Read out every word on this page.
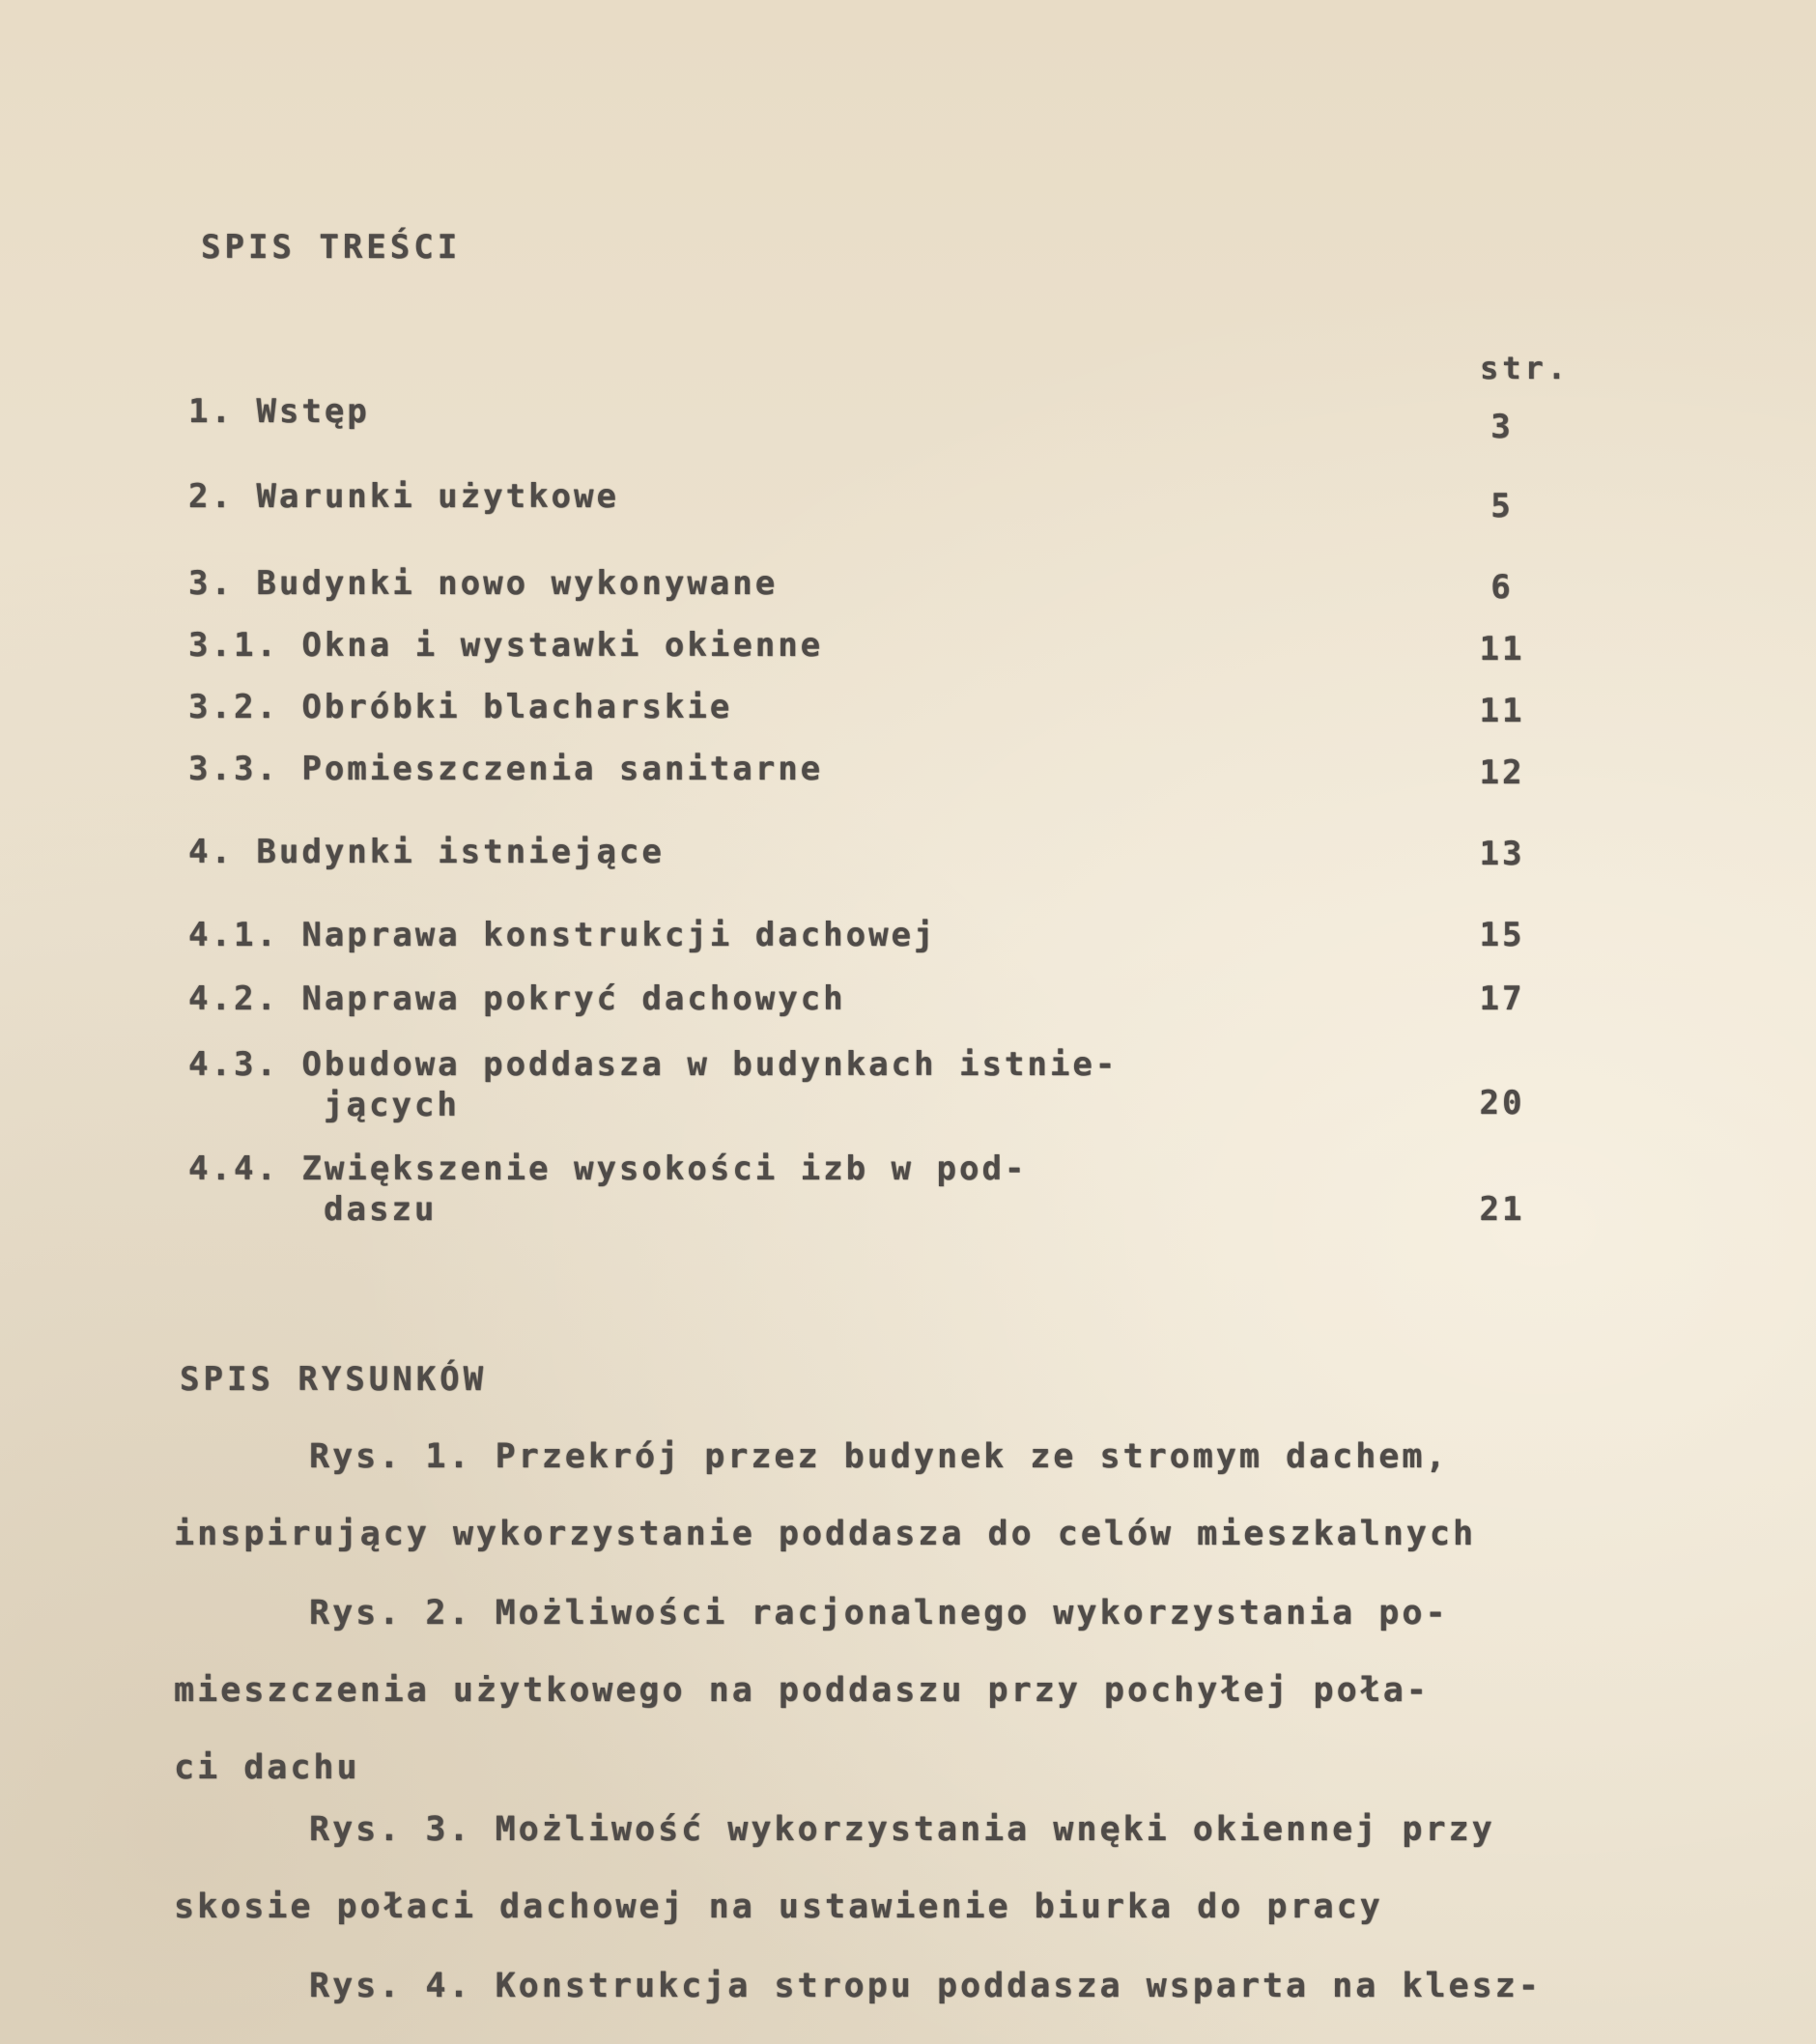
SPIS TREŚCI
str.
1. Wstęp	3
2. Warunki użytkowe	5
3. Budynki nowo wykonywane	6
3.1. Okna i wystawki okienne	11
3.2. Obróbki blacharskie	11
3.3. Pomieszczenia sanitarne	12
4. Budynki istniejące	13
4.1. Naprawa konstrukcji dachowej	15
4.2. Naprawa pokryć dachowych	17
4.3. Obudowa poddasza w budynkach istnie-
jących	20
4.4. Zwiększenie wysokości izb w pod-
daszu	21
SPIS RYSUNKÓW
Rys. 1. Przekrój przez budynek ze stromym dachem,
inspirujący wykorzystanie poddasza do celów mieszkalnych
Rys. 2. Możliwości racjonalnego wykorzystania po-
mieszczenia użytkowego na poddaszu przy pochyłej poła-
ci dachu
Rys. 3. Możliwość wykorzystania wnęki okiennej przy
skosie połaci dachowej na ustawienie biurka do pracy
Rys. 4. Konstrukcja stropu poddasza wsparta na klesz-
